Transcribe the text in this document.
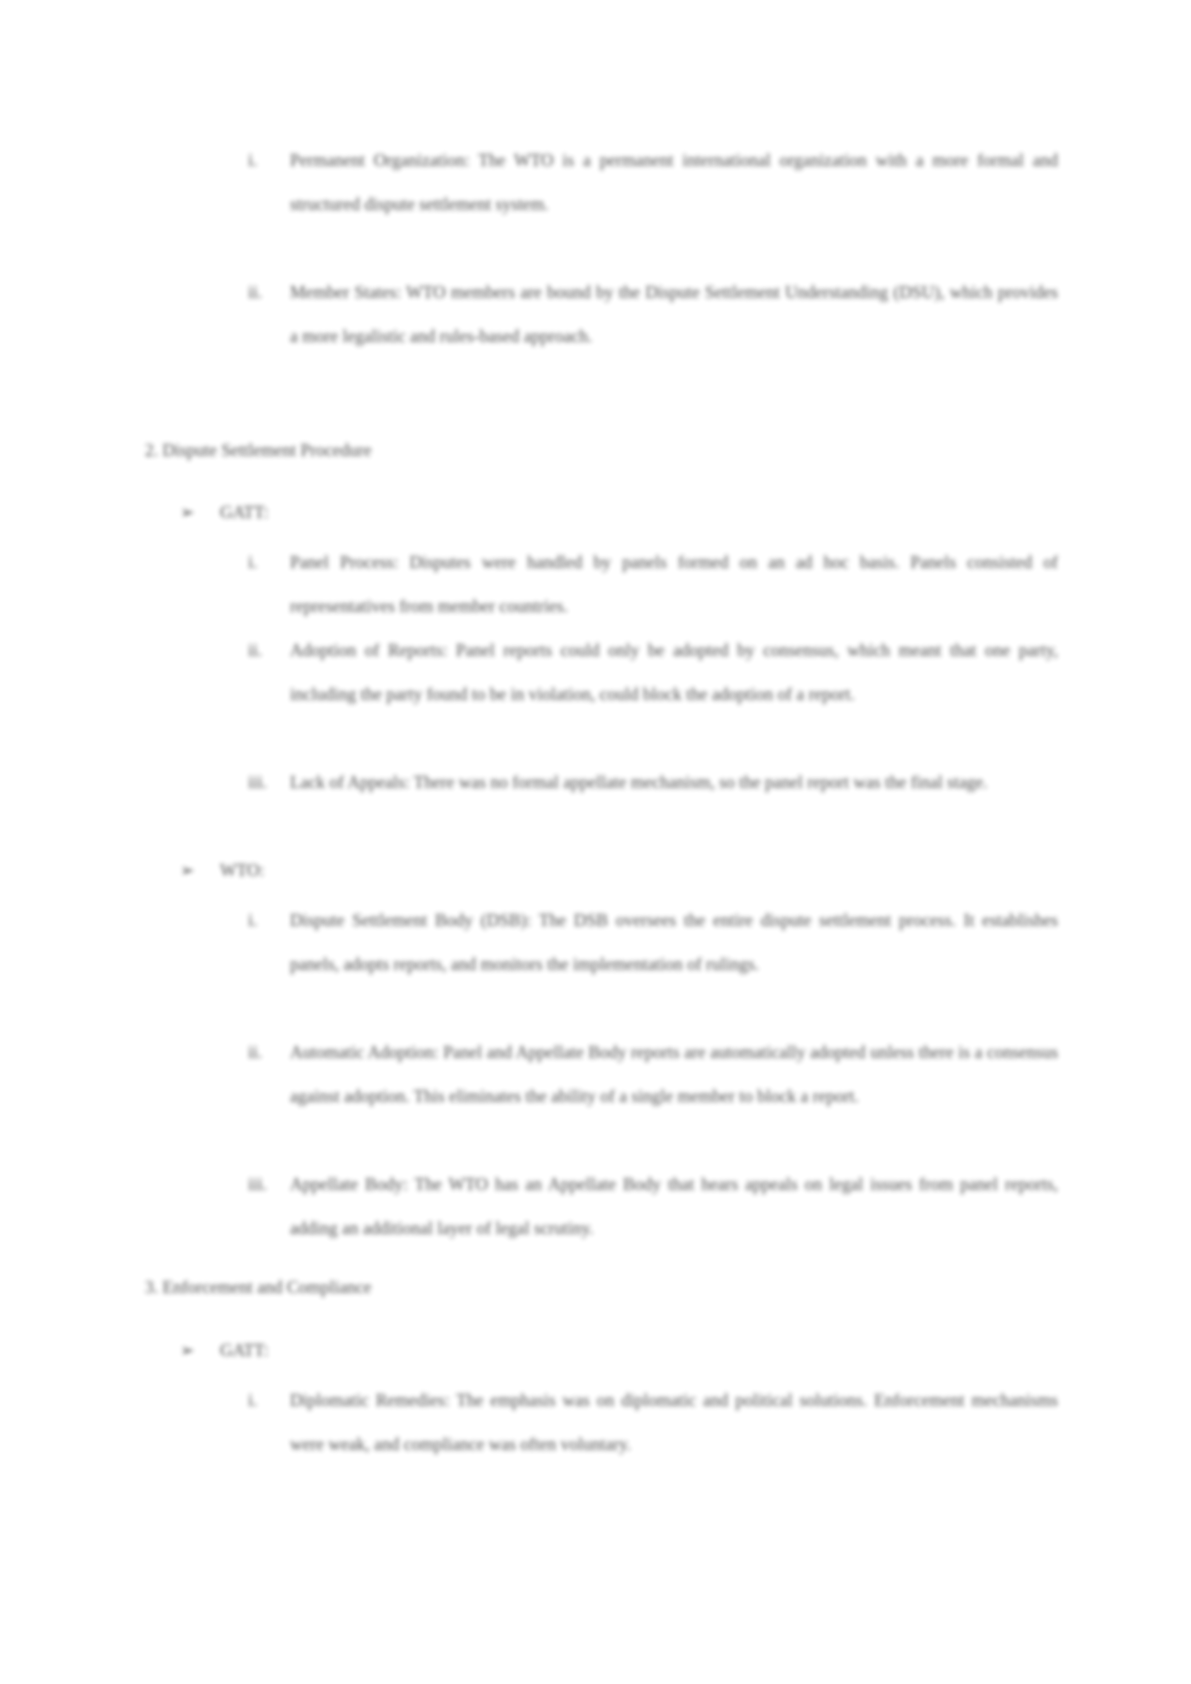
i.	Permanent Organization: The WTO is a permanent international organization with a more formal and structured dispute settlement system.
ii.	Member States: WTO members are bound by the Dispute Settlement Understanding (DSU), which provides a more legalistic and rules-based approach.
2. Dispute Settlement Procedure
➢	GATT:
i.	Panel Process: Disputes were handled by panels formed on an ad hoc basis. Panels consisted of representatives from member countries.
ii.	Adoption of Reports: Panel reports could only be adopted by consensus, which meant that one party, including the party found to be in violation, could block the adoption of a report.
iii. Lack of Appeals: There was no formal appellate mechanism, so the panel report was the final stage.
➢	WTO:
i.	Dispute Settlement Body (DSB): The DSB oversees the entire dispute settlement process. It establishes panels, adopts reports, and monitors the implementation of rulings.
ii.	Automatic Adoption: Panel and Appellate Body reports are automatically adopted unless there is a consensus against adoption. This eliminates the ability of a single member to block a report.
iii. Appellate Body: The WTO has an Appellate Body that hears appeals on legal issues from panel reports, adding an additional layer of legal scrutiny.
3. Enforcement and Compliance
➢	GATT:
i.	Diplomatic Remedies: The emphasis was on diplomatic and political solutions. Enforcement mechanisms were weak, and compliance was often voluntary.
